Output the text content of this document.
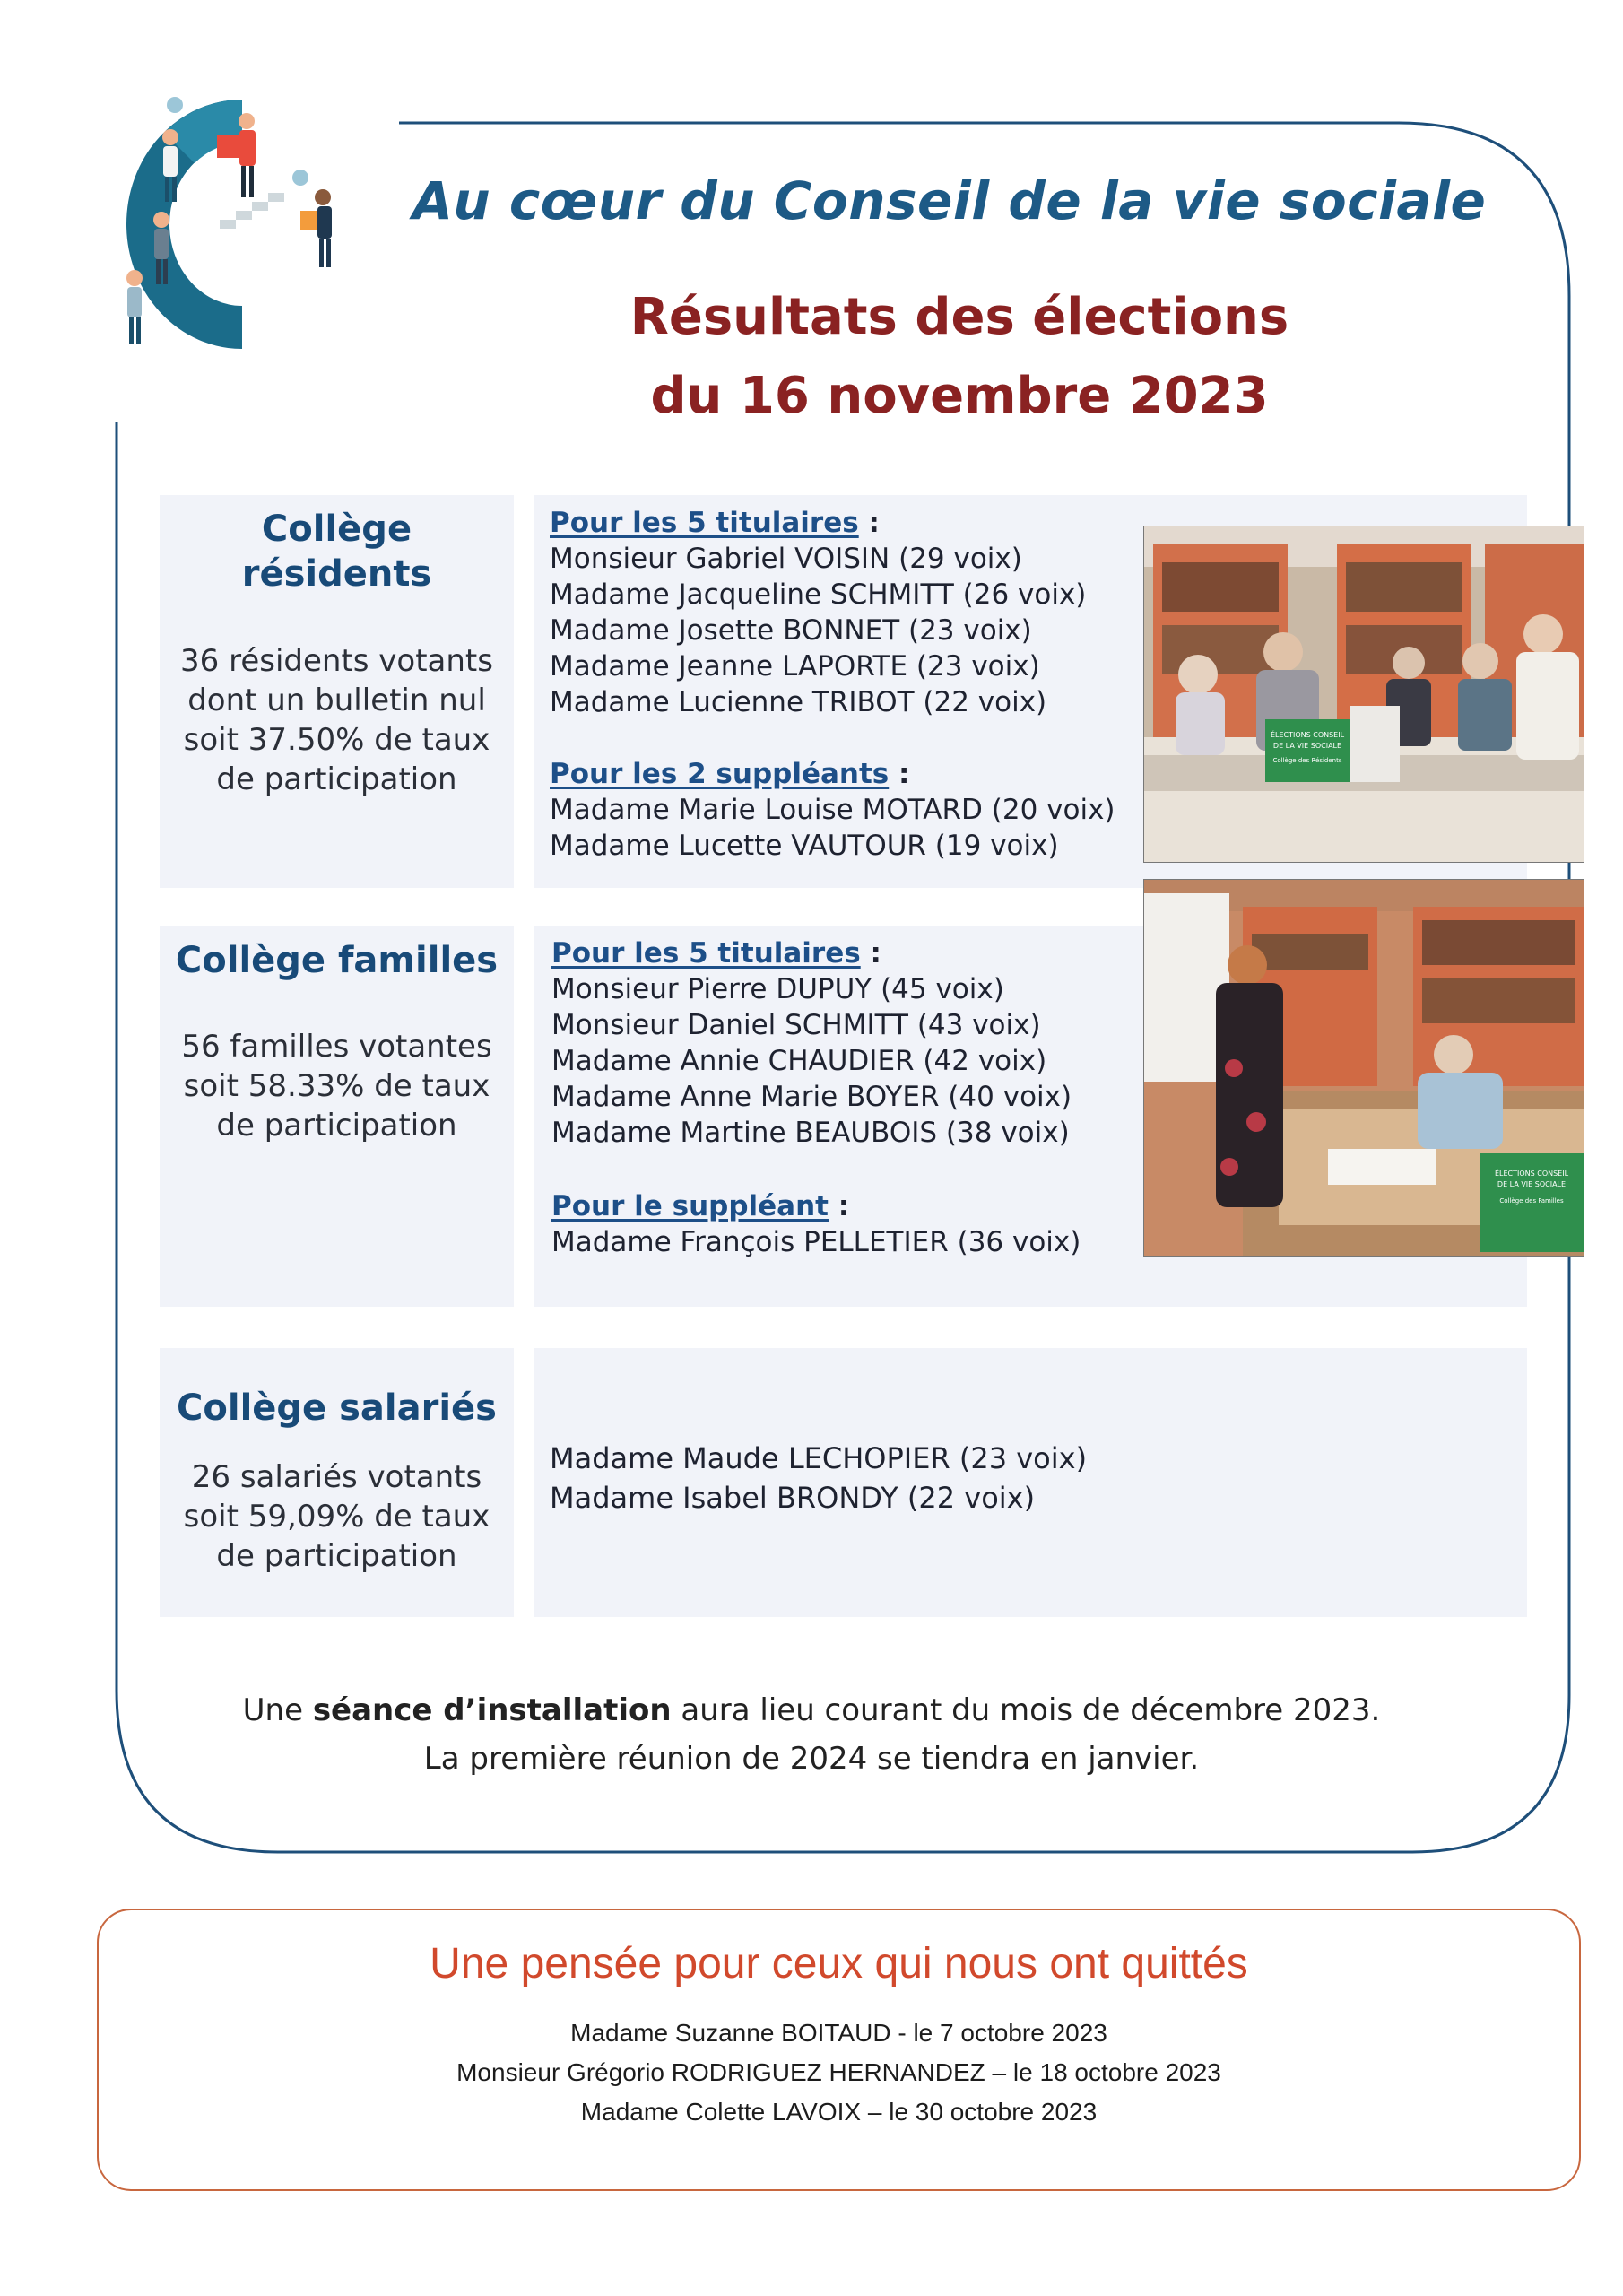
Au cœur du Conseil de la vie sociale
Résultats des élections
du 16 novembre 2023
Collège
résidents
36 résidents votants
dont un bulletin nul
soit 37.50% de taux
de participation
Pour les 5 titulaires :
Monsieur Gabriel VOISIN (29 voix)
Madame Jacqueline SCHMITT (26 voix)
Madame Josette BONNET (23 voix)
Madame Jeanne LAPORTE (23 voix)
Madame Lucienne TRIBOT (22 voix)
Pour les 2 suppléants :
Madame Marie Louise MOTARD (20 voix)
Madame Lucette VAUTOUR (19 voix)
Collège familles
56 familles votantes
soit 58.33% de taux
de participation
Pour les 5 titulaires :
Monsieur Pierre DUPUY (45 voix)
Monsieur Daniel SCHMITT (43 voix)
Madame Annie CHAUDIER (42 voix)
Madame Anne Marie BOYER (40 voix)
Madame Martine BEAUBOIS (38 voix)
Pour le suppléant :
Madame François PELLETIER (36 voix)
Collège salariés
26 salariés votants
soit 59,09% de taux
de participation
Madame Maude LECHOPIER (23 voix)
Madame Isabel BRONDY (22 voix)
ÉLECTIONS CONSEIL
DE LA VIE SOCIALE
Collège des Résidents
ÉLECTIONS CONSEIL
DE LA VIE SOCIALE
Collège des Familles
Une séance d’installation aura lieu courant du mois de décembre 2023.
La première réunion de 2024 se tiendra en janvier.
Une pensée pour ceux qui nous ont quittés
Madame Suzanne BOITAUD - le 7 octobre 2023
Monsieur Grégorio RODRIGUEZ HERNANDEZ – le 18 octobre 2023
Madame Colette LAVOIX – le 30 octobre 2023
